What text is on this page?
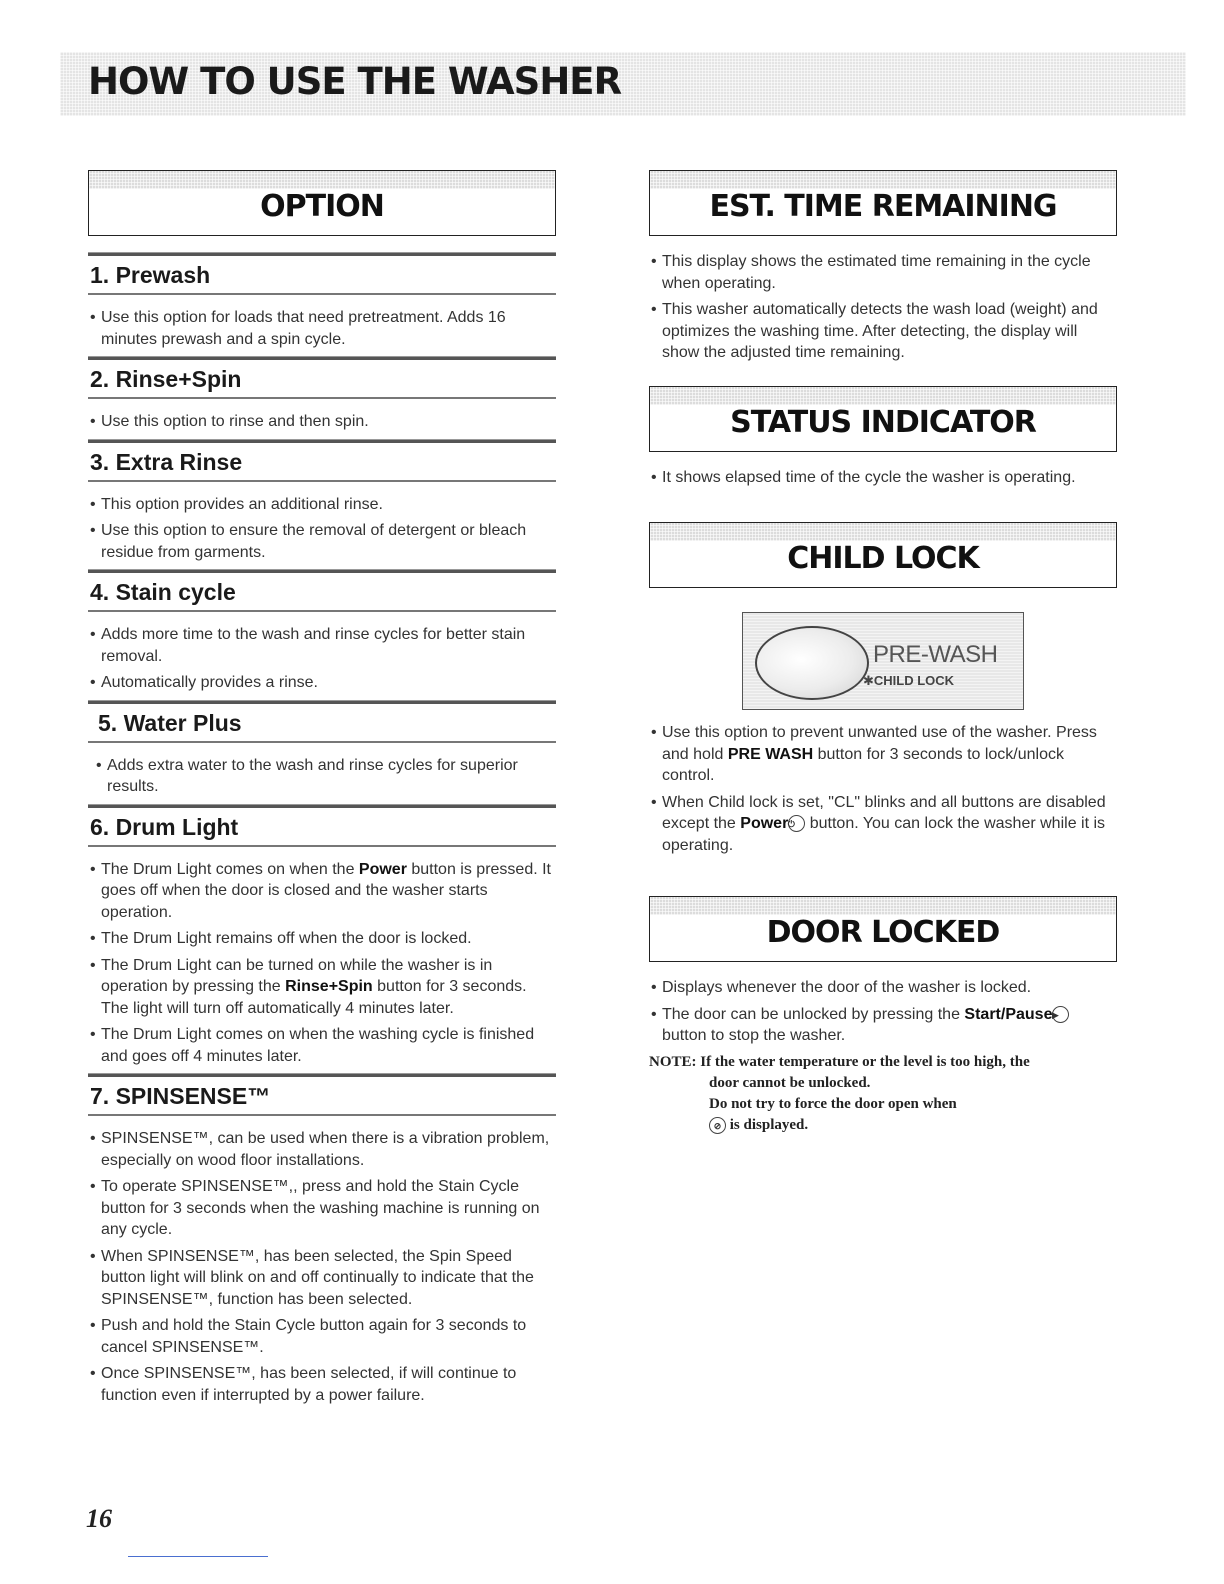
HOW TO USE THE WASHER
OPTION
1. Prewash
• Use this option for loads that need pretreatment. Adds 16 minutes prewash and a spin cycle.
2. Rinse+Spin
• Use this option to rinse and then spin.
3. Extra Rinse
• This option provides an additional rinse.
• Use this option to ensure the removal of detergent or bleach residue from garments.
4. Stain cycle
• Adds more time to the wash and rinse cycles for better stain removal.
• Automatically provides a rinse.
5. Water Plus
• Adds extra water to the wash and rinse cycles for superior results.
6. Drum Light
• The Drum Light comes on when the Power button is pressed. It goes off when the door is closed and the washer starts operation.
• The Drum Light remains off when the door is locked.
• The Drum Light can be turned on while the washer is in operation by pressing the Rinse+Spin button for 3 seconds. The light will turn off automatically 4 minutes later.
• The Drum Light comes on when the washing cycle is finished and goes off 4 minutes later.
7. SPINSENSE™
• SPINSENSE™, can be used when there is a vibration problem, especially on wood floor installations.
• To operate SPINSENSE™,, press and hold the Stain Cycle button for 3 seconds when the washing machine is running on any cycle.
• When SPINSENSE™, has been selected, the Spin Speed button light will blink on and off continually to indicate that the SPINSENSE™, function has been selected.
• Push and hold the Stain Cycle button again for 3 seconds to cancel SPINSENSE™.
• Once SPINSENSE™, has been selected, if will continue to function even if interrupted by a power failure.
EST. TIME REMAINING
• This display shows the estimated time remaining in the cycle when operating.
• This washer automatically detects the wash load (weight) and optimizes the washing time. After detecting, the display will show the adjusted time remaining.
STATUS INDICATOR
• It shows elapsed time of the cycle the washer is operating.
CHILD LOCK
PRE-WASH
✱CHILD LOCK
• Use this option to prevent unwanted use of the washer. Press and hold PRE WASH button for 3 seconds to lock/unlock control.
• When Child lock is set, "CL" blinks and all buttons are disabled except the Power⏻ button. You can lock the washer while it is operating.
DOOR LOCKED
• Displays whenever the door of the washer is locked.
• The door can be unlocked by pressing the Start/Pause▶ button to stop the washer.
NOTE: If the water temperature or the level is too high, the
door cannot be unlocked.
Do not try to force the door open when
⊘ is displayed.
16
